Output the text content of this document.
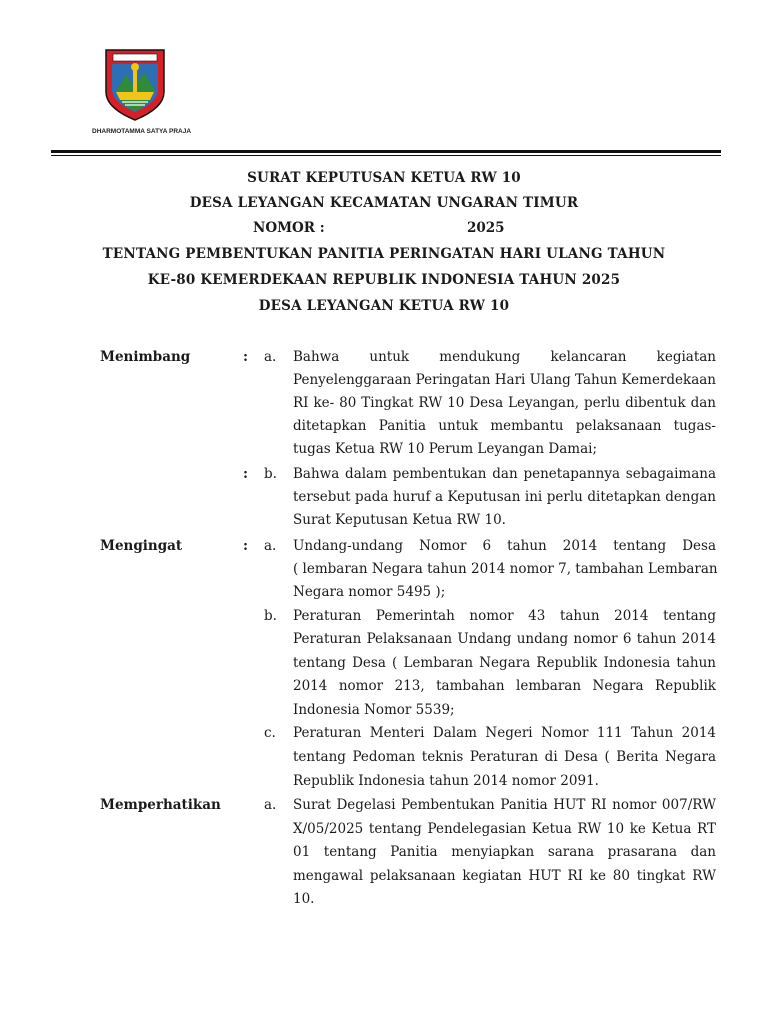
DHARMOTAMMA SATYA PRAJA
SURAT KEPUTUSAN KETUA RW 10
DESA LEYANGAN KECAMATAN UNGARAN TIMUR
NOMOR :	2025
TENTANG PEMBENTUKAN PANITIA PERINGATAN HARI ULANG TAHUN
KE-80 KEMERDEKAAN REPUBLIK INDONESIA TAHUN 2025
DESA LEYANGAN KETUA RW 10
Menimbang	: a. Bahwa untuk mendukung kelancaran kegiatan
Penyelenggaraan Peringatan Hari Ulang Tahun Kemerdekaan
RI ke- 80 Tingkat RW 10 Desa Leyangan, perlu dibentuk dan
ditetapkan Panitia untuk membantu pelaksanaan tugas-
tugas Ketua RW 10 Perum Leyangan Damai;
: b. Bahwa dalam pembentukan dan penetapannya sebagaimana
tersebut pada huruf a Keputusan ini perlu ditetapkan dengan
Surat Keputusan Ketua RW 10.
Mengingat	: a. Undang-undang Nomor 6 tahun 2014 tentang Desa
( lembaran Negara tahun 2014 nomor 7, tambahan Lembaran
Negara nomor 5495 );
b. Peraturan Pemerintah nomor 43 tahun 2014 tentang
Peraturan Pelaksanaan Undang undang nomor 6 tahun 2014
tentang Desa ( Lembaran Negara Republik Indonesia tahun
2014 nomor 213, tambahan lembaran Negara Republik
Indonesia Nomor 5539;
c. Peraturan Menteri Dalam Negeri Nomor 111 Tahun 2014
tentang Pedoman teknis Peraturan di Desa ( Berita Negara
Republik Indonesia tahun 2014 nomor 2091.
Memperhatikan	a. Surat Degelasi Pembentukan Panitia HUT RI nomor 007/RW
X/05/2025 tentang Pendelegasian Ketua RW 10 ke Ketua RT
01 tentang Panitia menyiapkan sarana prasarana dan
mengawal pelaksanaan kegiatan HUT RI ke 80 tingkat RW
10.
